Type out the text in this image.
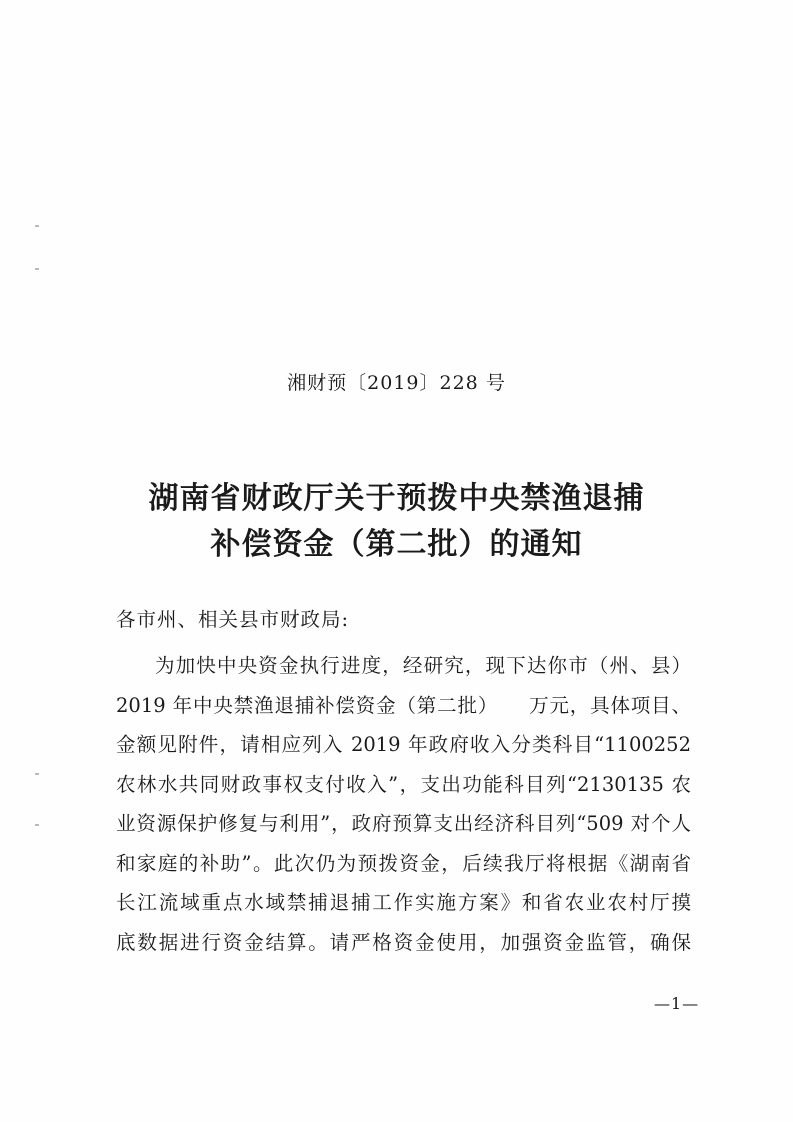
湘财预〔2019〕228 号
湖南省财政厅关于预拨中央禁渔退捕
补偿资金（第二批）的通知
各市州、相关县市财政局:
为加快中央资金执行进度，经研究，现下达你市（州、县）
2019 年中央禁渔退捕补偿资金（第二批）　　万元，具体项目、
金额见附件，请相应列入 2019 年政府收入分类科目“1100252
农林水共同财政事权支付收入”，支出功能科目列“2130135 农
业资源保护修复与利用”，政府预算支出经济科目列“509 对个人
和家庭的补助”。此次仍为预拨资金，后续我厅将根据《湖南省
长江流域重点水域禁捕退捕工作实施方案》和省农业农村厅摸
底数据进行资金结算。请严格资金使用，加强资金监管，确保
—1—
